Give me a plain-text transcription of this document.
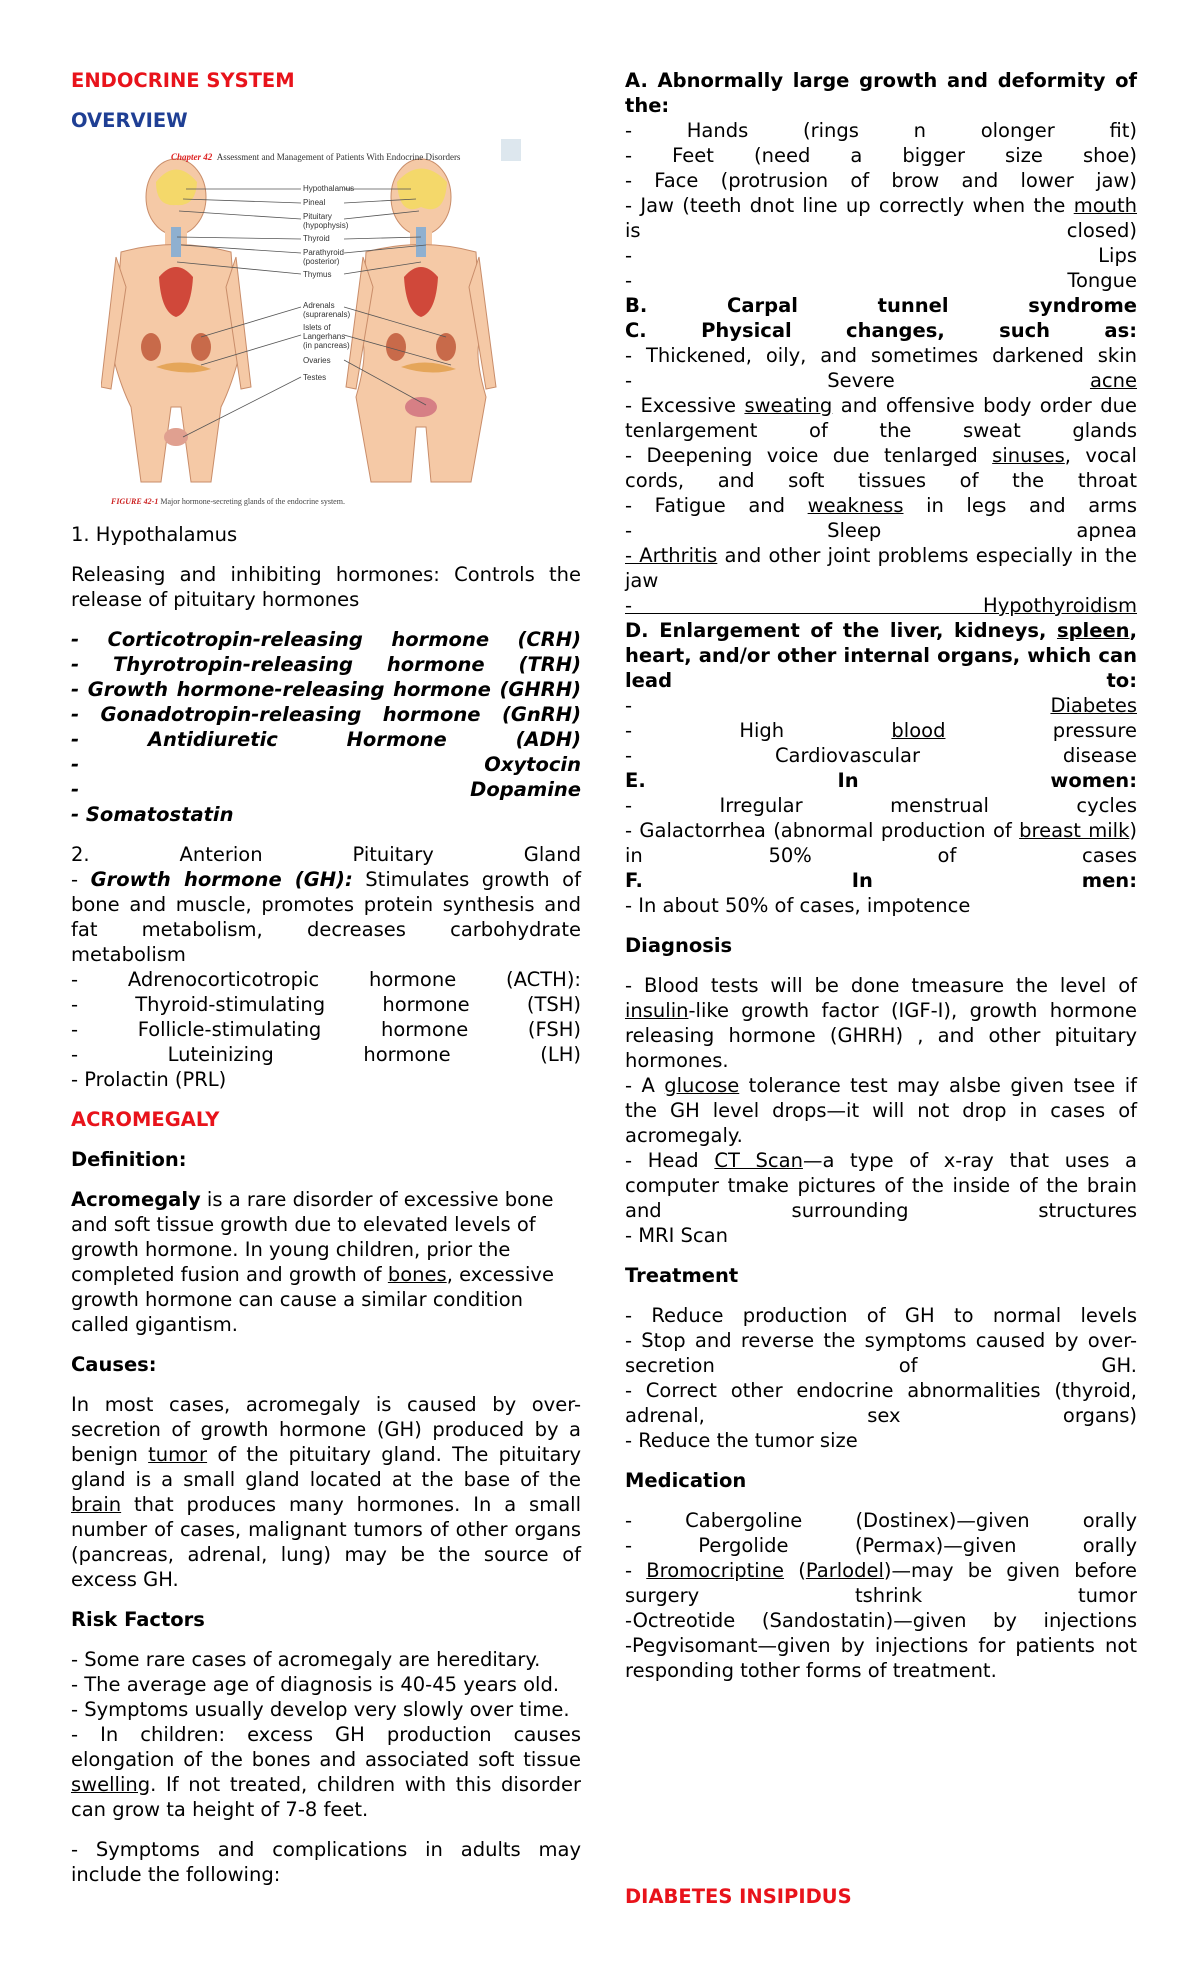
ENDOCRINE SYSTEM

OVERVIEW

Chapter 42 Assessment and Management of Patients With Endocrine Disorders
Hypothalamus
Pineal
Pituitary
(hypophysis)
Thyroid
Parathyroid
(posterior)
Thymus
Adrenals
(suprarenals)
Islets of
Langerhans
(in pancreas)
Ovaries
Testes
FIGURE 42-1 Major hormone-secreting glands of the endocrine system.

1. Hypothalamus

Releasing and inhibiting hormones: Controls the release of pituitary hormones

- Corticotropin-releasing hormone (CRH)

- Thyrotropin-releasing hormone (TRH)

- Growth hormone-releasing hormone (GHRH)

- Gonadotropin-releasing hormone (GnRH)

- Antidiuretic Hormone (ADH)

- Oxytocin

- Dopamine

- Somatostatin

2. Anterion Pituitary Gland

- Growth hormone (GH): Stimulates growth of bone and muscle, promotes protein synthesis and fat metabolism, decreases carbohydrate metabolism

- Adrenocorticotropic hormone (ACTH):

- Thyroid-stimulating hormone (TSH)

- Follicle-stimulating hormone (FSH)

- Luteinizing hormone (LH)

- Prolactin (PRL)

ACROMEGALY

Definition:

Acromegaly is a rare disorder of excessive bone and soft tissue growth due to elevated levels of growth hormone. In young children, prior the completed fusion and growth of bones, excessive growth hormone can cause a similar condition called gigantism.

Causes:

In most cases, acromegaly is caused by over-secretion of growth hormone (GH) produced by a benign tumor of the pituitary gland. The pituitary gland is a small gland located at the base of the brain that produces many hormones. In a small number of cases, malignant tumors of other organs (pancreas, adrenal, lung) may be the source of excess GH.

Risk Factors

- Some rare cases of acromegaly are hereditary.

- The average age of diagnosis is 40-45 years old.

- Symptoms usually develop very slowly over time.

- In children: excess GH production causes elongation of the bones and associated soft tissue swelling. If not treated, children with this disorder can grow ta height of 7-8 feet.

- Symptoms and complications in adults may include the following:

A. Abnormally large growth and deformity of the:

- Hands (rings n olonger fit)

- Feet (need a bigger size shoe)

- Face (protrusion of brow and lower jaw)

- Jaw (teeth dnot line up correctly when the mouth is closed)

- Lips

- Tongue

B. Carpal tunnel syndrome

C. Physical changes, such as:

- Thickened, oily, and sometimes darkened skin

- Severe acne

- Excessive sweating and offensive body order due tenlargement of the sweat glands

- Deepening voice due tenlarged sinuses, vocal cords, and soft tissues of the throat

- Fatigue and weakness in legs and arms

- Sleep apnea

- Arthritis and other joint problems especially in the jaw

- Hypothyroidism

D. Enlargement of the liver, kidneys, spleen, heart, and/or other internal organs, which can lead to:

- Diabetes

- High blood pressure

- Cardiovascular disease

E. In women:

- Irregular menstrual cycles

- Galactorrhea (abnormal production of breast milk) in 50% of cases

F. In men:

- In about 50% of cases, impotence

Diagnosis

- Blood tests will be done tmeasure the level of insulin-like growth factor (IGF-I), growth hormone releasing hormone (GHRH) , and other pituitary hormones.

- A glucose tolerance test may alsbe given tsee if the GH level drops—it will not drop in cases of acromegaly.

- Head CT Scan—a type of x-ray that uses a computer tmake pictures of the inside of the brain and surrounding structures

- MRI Scan

Treatment

- Reduce production of GH to normal levels

- Stop and reverse the symptoms caused by over-secretion of GH.

- Correct other endocrine abnormalities (thyroid, adrenal, sex organs)

- Reduce the tumor size

Medication

- Cabergoline (Dostinex)—given orally

- Pergolide (Permax)—given orally

- Bromocriptine (Parlodel)—may be given before surgery tshrink tumor

-Octreotide (Sandostatin)—given by injections

-Pegvisomant—given by injections for patients not responding tother forms of treatment.

DIABETES INSIPIDUS
